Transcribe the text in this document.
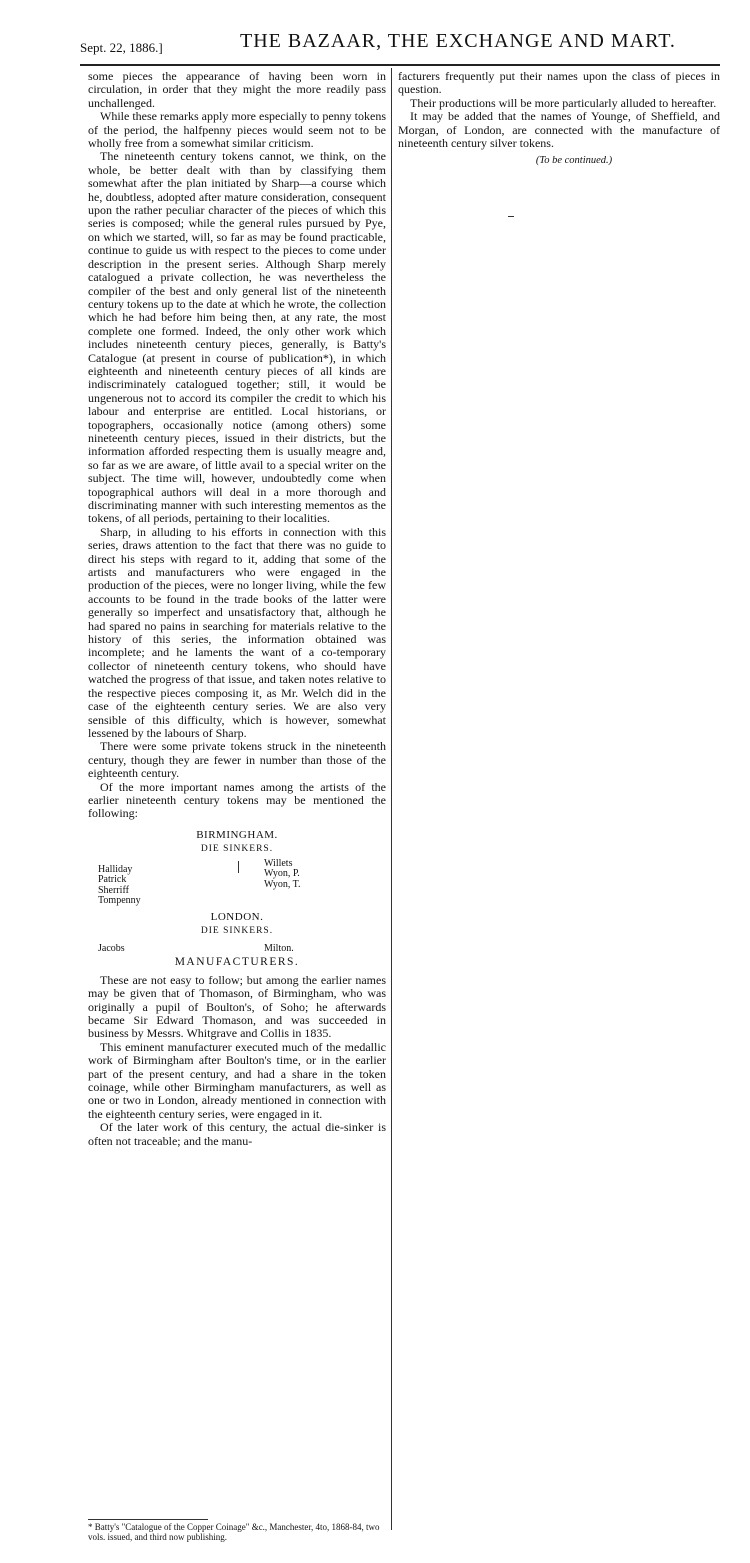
Sept. 22, 1886.]	THE BAZAAR, THE EXCHANGE AND MART.

some pieces the appearance of having been worn in circulation, in order that they might the more readily pass unchallenged.

While these remarks apply more especially to penny tokens of the period, the halfpenny pieces would seem not to be wholly free from a somewhat similar criticism.

The nineteenth century tokens cannot, we think, on the whole, be better dealt with than by classifying them somewhat after the plan initiated by Sharp—a course which he, doubtless, adopted after mature consideration, consequent upon the rather peculiar character of the pieces of which this series is composed; while the general rules pursued by Pye, on which we started, will, so far as may be found practicable, continue to guide us with respect to the pieces to come under description in the present series. Although Sharp merely catalogued a private collection, he was nevertheless the compiler of the best and only general list of the nineteenth century tokens up to the date at which he wrote, the collection which he had before him being then, at any rate, the most complete one formed. Indeed, the only other work which includes nineteenth century pieces, generally, is Batty's Catalogue (at present in course of publication*), in which eighteenth and nineteenth century pieces of all kinds are indiscriminately catalogued together; still, it would be ungenerous not to accord its compiler the credit to which his labour and enterprise are entitled. Local historians, or topographers, occasionally notice (among others) some nineteenth century pieces, issued in their districts, but the information afforded respecting them is usually meagre and, so far as we are aware, of little avail to a special writer on the subject. The time will, however, undoubtedly come when topographical authors will deal in a more thorough and discriminating manner with such interesting mementos as the tokens, of all periods, pertaining to their localities.

Sharp, in alluding to his efforts in connection with this series, draws attention to the fact that there was no guide to direct his steps with regard to it, adding that some of the artists and manufacturers who were engaged in the production of the pieces, were no longer living, while the few accounts to be found in the trade books of the latter were generally so imperfect and unsatisfactory that, although he had spared no pains in searching for materials relative to the history of this series, the information obtained was incomplete; and he laments the want of a co-temporary collector of nineteenth century tokens, who should have watched the progress of that issue, and taken notes relative to the respective pieces composing it, as Mr. Welch did in the case of the eighteenth century series. We are also very sensible of this difficulty, which is however, somewhat lessened by the labours of Sharp.

There were some private tokens struck in the nineteenth century, though they are fewer in number than those of the eighteenth century.

Of the more important names among the artists of the earlier nineteenth century tokens may be mentioned the following:

BIRMINGHAM.
DIE SINKERS.
Halliday
Patrick
Sherriff
Tompenny
Willets
Wyon, P.
Wyon, T.
LONDON.
DIE SINKERS.
Jacobs	Milton.
MANUFACTURERS.

These are not easy to follow; but among the earlier names may be given that of Thomason, of Birmingham, who was originally a pupil of Boulton's, of Soho; he afterwards became Sir Edward Thomason, and was succeeded in business by Messrs. Whitgrave and Collis in 1835.

This eminent manufacturer executed much of the medallic work of Birmingham after Boulton's time, or in the earlier part of the present century, and had a share in the token coinage, while other Birmingham manufacturers, as well as one or two in London, already mentioned in connection with the eighteenth century series, were engaged in it.

Of the later work of this century, the actual die-sinker is often not traceable; and the manu-

* Batty's "Catalogue of the Copper Coinage" &c., Manchester, 4to, 1868-84, two vols. issued, and third now publishing.

facturers frequently put their names upon the class of pieces in question.

Their productions will be more particularly alluded to hereafter.

It may be added that the names of Younge, of Sheffield, and Morgan, of London, are connected with the manufacture of nineteenth century silver tokens.

(To be continued.)
